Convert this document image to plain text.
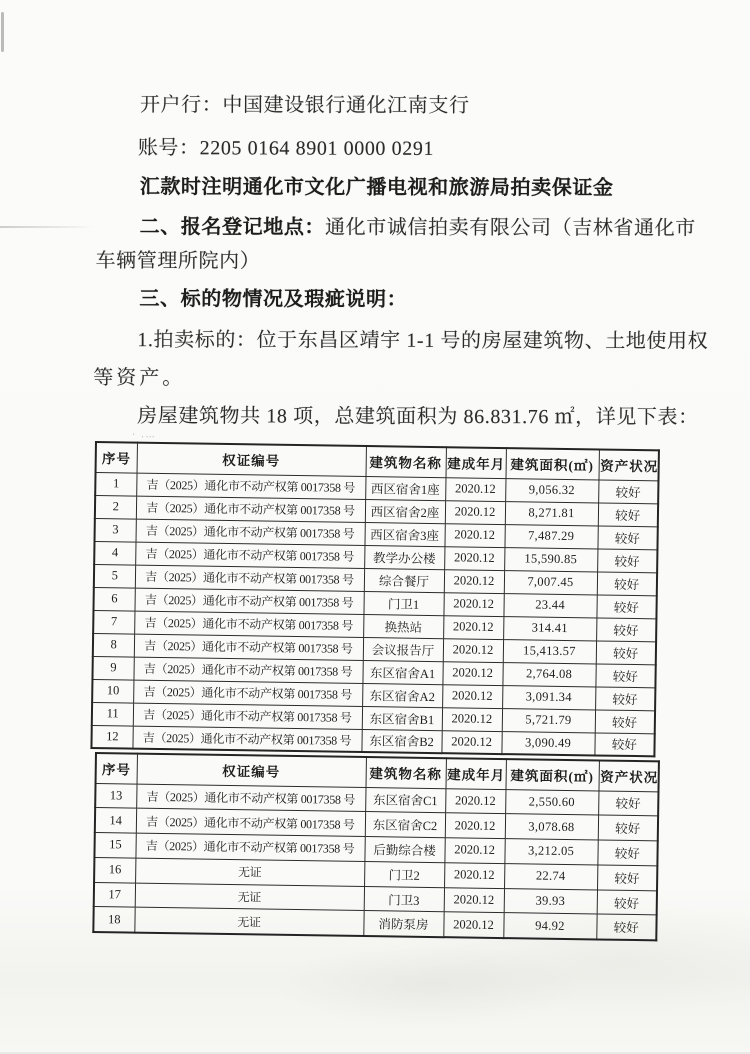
开户行：中国建设银行通化江南支行

账号：2205 0164 8901 0000 0291

汇款时注明通化市文化广播电视和旅游局拍卖保证金

二、报名登记地点：通化市诚信拍卖有限公司（吉林省通化市

车辆管理所院内）

三、标的物情况及瑕疵说明：

1.拍卖标的：位于东昌区靖宇 1-1 号的房屋建筑物、土地使用权

等资产。

房屋建筑物共 18 项，总建筑面积为 86.831.76 ㎡，详见下表：

· .…
序号	权证编号	建筑物名称	建成年月	建筑面积(㎡)	资产状况
1	吉（2025）通化市不动产权第 0017358 号	西区宿舍1座	2020.12	9,056.32	较好
2	吉（2025）通化市不动产权第 0017358 号	西区宿舍2座	2020.12	8,271.81	较好
3	吉（2025）通化市不动产权第 0017358 号	西区宿舍3座	2020.12	7,487.29	较好
4	吉（2025）通化市不动产权第 0017358 号	教学办公楼	2020.12	15,590.85	较好
5	吉（2025）通化市不动产权第 0017358 号	综合餐厅	2020.12	7,007.45	较好
6	吉（2025）通化市不动产权第 0017358 号	门卫1	2020.12	23.44	较好
7	吉（2025）通化市不动产权第 0017358 号	换热站	2020.12	314.41	较好
8	吉（2025）通化市不动产权第 0017358 号	会议报告厅	2020.12	15,413.57	较好
9	吉（2025）通化市不动产权第 0017358 号	东区宿舍A1	2020.12	2,764.08	较好
10	吉（2025）通化市不动产权第 0017358 号	东区宿舍A2	2020.12	3,091.34	较好
11	吉（2025）通化市不动产权第 0017358 号	东区宿舍B1	2020.12	5,721.79	较好
12	吉（2025）通化市不动产权第 0017358 号	东区宿舍B2	2020.12	3,090.49	较好
序号	权证编号	建筑物名称	建成年月	建筑面积(㎡)	资产状况
13	吉（2025）通化市不动产权第 0017358 号	东区宿舍C1	2020.12	2,550.60	较好
14	吉（2025）通化市不动产权第 0017358 号	东区宿舍C2	2020.12	3,078.68	较好
15	吉（2025）通化市不动产权第 0017358 号	后勤综合楼	2020.12	3,212.05	较好
16	无证	门卫2	2020.12	22.74	较好
17	无证	门卫3	2020.12	39.93	较好
18	无证	消防泵房	2020.12	94.92	较好
